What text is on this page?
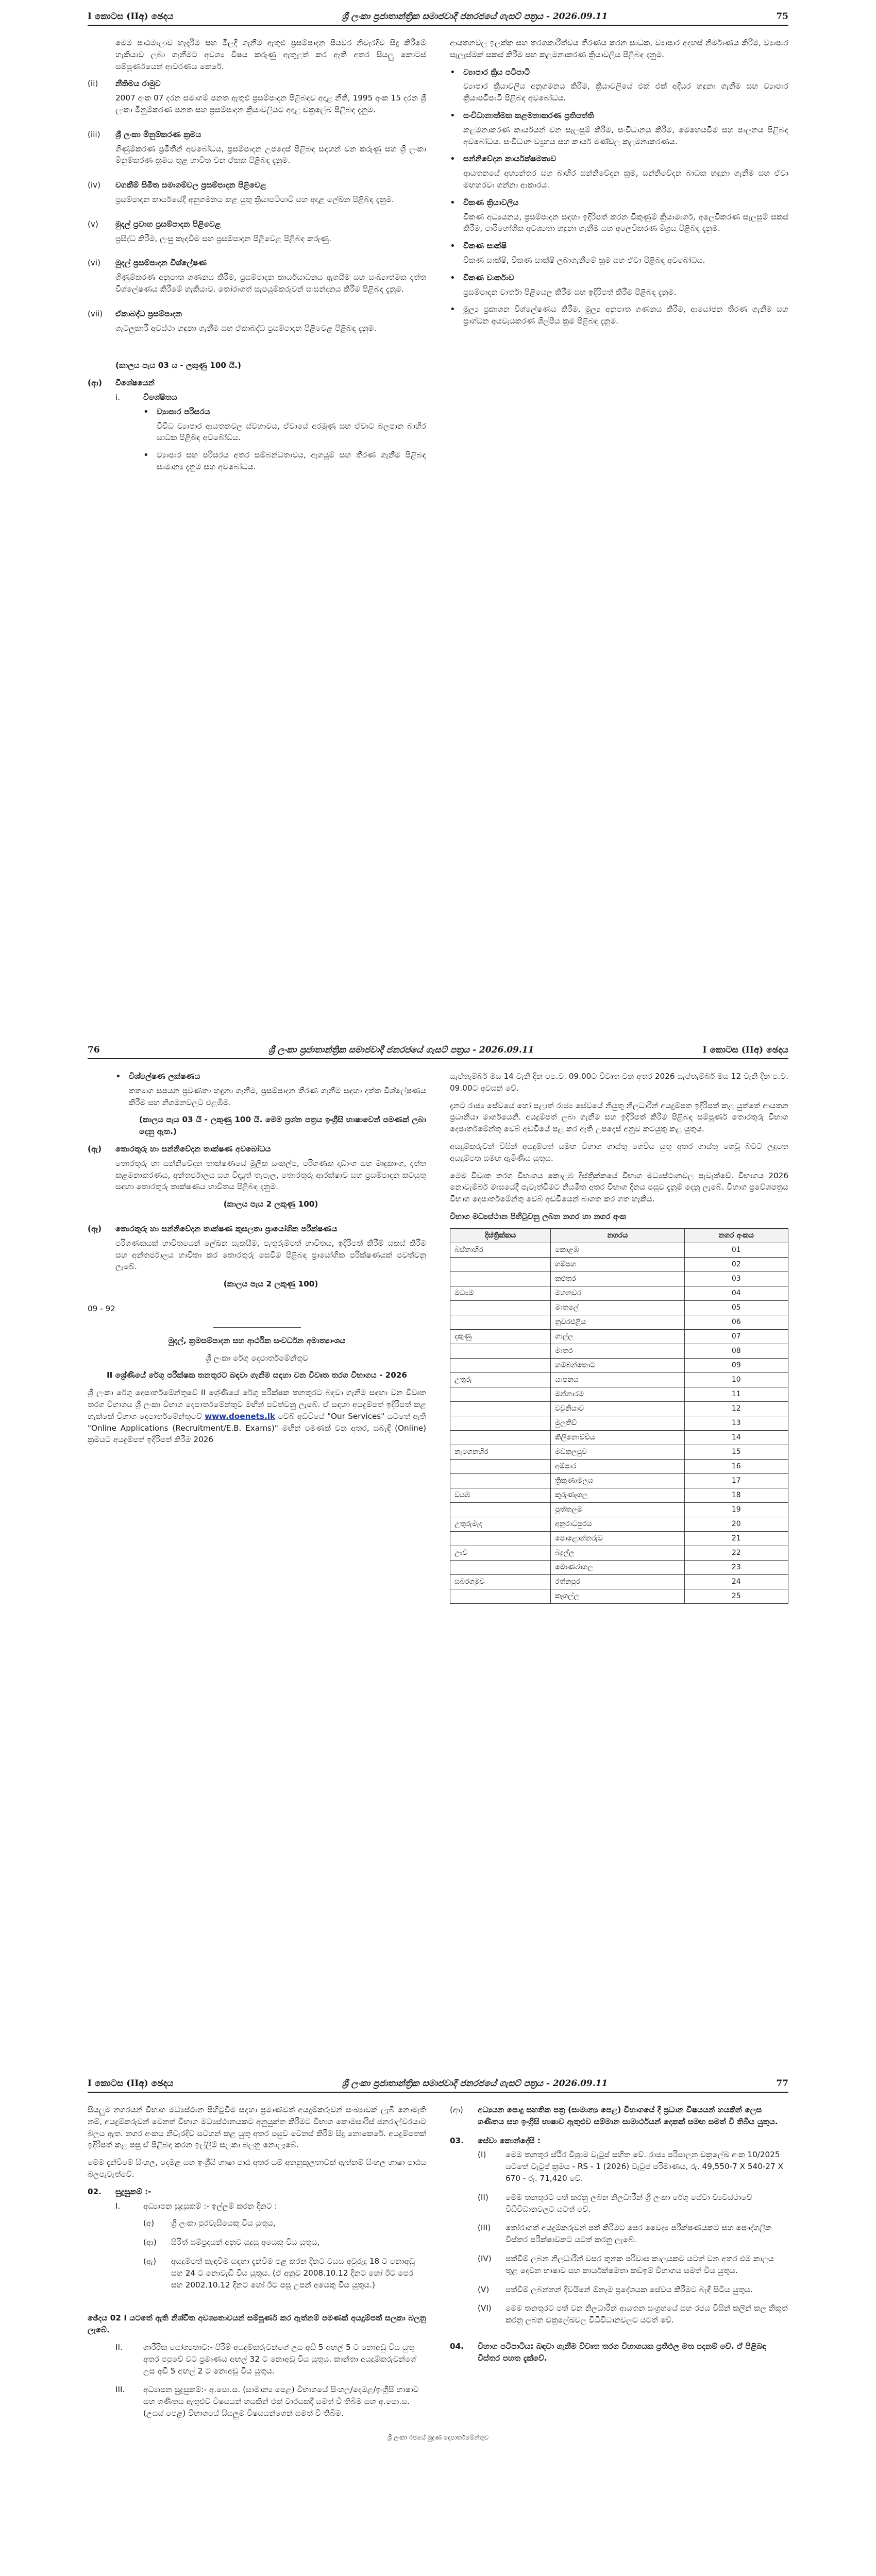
I කොටස (IIඅ) ඡෙදය	ශ්‍රී ලංකා ප්‍රජාතාන්ත්‍රික සමාජවාදී ජනරජයේ ගැසට් පත්‍රය - 2026.09.11	75

මෙම පාඨමාලාව හැදෑරීම සහ මිලදී ගැනීම ඇතුළු ප්‍රසම්පාදන පියවර නිවැරදිව සිදු කිරීමේ හැකියාව ලබා ගැනීමට අවශ්‍ය විෂය කරුණු ඇතුළත් කර ඇති අතර සියලු කොටස් සම්පූර්ණයෙන් ආවරණය කෙරේ.

(ii)	නීතිමය රාමුව

2007 අංක 07 දරන සමාගම් පනත ඇතුළු ප්‍රසම්පාදන පිළිබඳව අදාළ නීති, 1995 අංක 15 දරන ශ්‍රී ලංකා මිනුම්කරණ පනත සහ ප්‍රසම්පාදන ක්‍රියාවලියට අදාළ චක්‍රලේඛ පිළිබඳ දැනුම.

(iii)	ශ්‍රී ලංකා මිනුම්කරණ ක්‍රමය

ගිණුම්කරණ ප්‍රමිතීන් අවබෝධය, ප්‍රසම්පාදන උපදෙස් පිළිබඳ සඳහන් වන කරුණු සහ ශ්‍රී ලංකා මිනුම්කරණ ක්‍රමය තුළ භාවිත වන ඒකක පිළිබඳ දැනුම.

(iv)	වගකීම් සීමිත සමාගම්වල ප්‍රසම්පාදන පිළිවෙළ

ප්‍රසම්පාදන කාර්යයේදී අනුගමනය කළ යුතු ක්‍රියාපටිපාටි සහ අදාළ ලේඛන පිළිබඳ දැනුම.

(v)	මුදල් ප්‍රවාහ ප්‍රසම්පාදන පිළිවෙළ

ප්‍රසිද්ධ කිරීම, ලංසු කැඳවීම සහ ප්‍රසම්පාදන පිළිවෙළ පිළිබඳ කරුණු.

(vi)	මුදල් ප්‍රසම්පාදන විශ්ලේෂණ

ගිණුම්කරණ අනුපාත ගණනය කිරීම, ප්‍රසම්පාදන කාර්යසාධනය ඇගයීම සහ සංඛ්‍යාත්මක දත්ත විශ්ලේෂණය කිරීමේ හැකියාව. තෝරාගත් සැපයුම්කරුවන් සංසන්දනය කිරීම පිළිබඳ දැනුම.

(vii)	ඒකාබද්ධ ප්‍රසම්පාදන

ගැටලුකාරී අවස්ථා හඳුනා ගැනීම සහ ඒකාබද්ධ ප්‍රසම්පාදන පිළිවෙළ පිළිබඳ දැනුම.

(කාලය පැය 03 ය - ලකුණු 100 යි.)

(ආ)	විශේෂයෙන්
i.	විශේෂිතය
•	ව්‍යාපාර පරිසරය
විවිධ ව්‍යාපාර ආයතනවල ස්වභාවය, ඒවායේ අරමුණු සහ ඒවාට බලපාන බාහිර සාධක පිළිබඳ අවබෝධය.
•	ව්‍යාපාර සහ පරිසරය අතර සම්බන්ධතාවය, ඇගයුම් සහ තීරණ ගැනීම පිළිබඳ සාමාන්‍ය දැනුම සහ අවබෝධය.

ආයතනවල ඉලක්ක සහ තරගකාරීත්වය තීරණය කරන සාධක, ව්‍යාපාර අදහස් නිර්මාණය කිරීම, ව්‍යාපාර සැලැස්මක් සකස් කිරීම සහ කළමනාකරණ ක්‍රියාවලිය පිළිබඳ දැනුම.

•	ව්‍යාපාර ක්‍රිය පටිපාටි
ව්‍යාපාර ක්‍රියාවලිය අනුගමනය කිරීම, ක්‍රියාවලියේ එක් එක් අදියර හඳුනා ගැනීම සහ ව්‍යාපාර ක්‍රියාපටිපාටි පිළිබඳ අවබෝධය.
•	සංවිධානාත්මක කළමනාකරණ ප්‍රතිපත්ති
කළමනාකරණ කාර්යයන් වන සැලසුම් කිරීම, සංවිධානය කිරීම, මෙහෙයවීම සහ පාලනය පිළිබඳ අවබෝධය. සංවිධාන ව්‍යුහය සහ කාර්ය මණ්ඩල කළමනාකරණය.
•	සන්නිවේදන කාර්යක්ෂමතාව
ආයතනයේ අභ්‍යන්තර සහ බාහිර සන්නිවේදන ක්‍රම, සන්නිවේදන බාධක හඳුනා ගැනීම සහ ඒවා මඟහරවා ගන්නා ආකාරය.
•	විකණ ක්‍රියාවලිය
විකණ අධ්‍යයනය, ප්‍රසම්පාදන සඳහා ඉදිරිපත් කරන විකුණුම් ක්‍රියාමාර්ග, අලෙවිකරණ සැලසුම් සකස් කිරීම, පාරිභෝගික අවශ්‍යතා හඳුනා ගැනීම සහ අලෙවිකරණ මිශ්‍රය පිළිබඳ දැනුම.
•	විකණ සාක්ෂි
විකණ සාක්ෂි, විකණ සාක්ෂි ලබාගැනීමේ ක්‍රම සහ ඒවා පිළිබඳ අවබෝධය.
•	විකණ වාර්තාව
ප්‍රසම්පාදන වාර්තා පිළියෙල කිරීම සහ ඉදිරිපත් කිරීම පිළිබඳ දැනුම.
•	මූල්‍ය ප්‍රකාශන විශ්ලේෂණය කිරීම, මූල්‍ය අනුපාත ගණනය කිරීම, ආයෝජන තීරණ ගැනීම සහ ප්‍රාග්ධන අයවැයකරණ ශිල්පීය ක්‍රම පිළිබඳ දැනුම.
76	ශ්‍රී ලංකා ප්‍රජාතාන්ත්‍රික සමාජවාදී ජනරජයේ ගැසට් පත්‍රය - 2026.09.11	I කොටස (IIඅ) ඡෙදය
•	විශ්ලේෂණ ලක්ෂණය
තත්‍යාග සපයන ප්‍රවණතා හඳුනා ගැනීම, ප්‍රසම්පාදන තීරණ ගැනීම සඳහා දත්ත විශ්ලේෂණය කිරීම සහ නිගමනවලට එළඹීම.

(කාලය පැය 03 යි - ලකුණු 100 යි. මෙම ප්‍රශ්න පත්‍රය ඉංග්‍රීසි භාෂාවෙන් පමණක් ලබා දෙනු ඇත.)

(ඇ)	තොරතුරු හා සන්නිවේදන තාක්ෂණ අවබෝධය

තොරතුරු හා සන්නිවේදන තාක්ෂණයේ මූලික සංකල්ප, පරිගණක දෘඩාංග සහ මෘදුකාංග, දත්ත කළමනාකරණය, අන්තර්ජාලය සහ විද්‍යුත් තැපෑල, තොරතුරු ආරක්ෂාව සහ ප්‍රසම්පාදන කටයුතු සඳහා තොරතුරු තාක්ෂණය භාවිතය පිළිබඳ දැනුම.

(කාලය පැය 2 ලකුණු 100)

(ඈ)	තොරතුරු හා සන්නිවේදන තාක්ෂණ කුසලතා ප්‍රායෝගික පරීක්ෂණය

පරිගණකයක් භාවිතයෙන් ලේඛන සැකසීම, පැතුරුම්පත් භාවිතය, ඉදිරිපත් කිරීම් සකස් කිරීම සහ අන්තර්ජාලය භාවිතා කර තොරතුරු සෙවීම පිළිබඳ ප්‍රායෝගික පරීක්ෂණයක් පවත්වනු ලැබේ.

(කාලය පැය 2 ලකුණු 100)

09 - 92

මුදල්, ක්‍රමසම්පාදන සහ ආර්ථික සංවර්ධන අමාත්‍යාංශය

ශ්‍රී ලංකා රේගු දෙපාර්තමේන්තුව

II ශ්‍රේණියේ රේගු පරීක්ෂක තනතුරට බඳවා ගැනීම සඳහා වන විවෘත තරග විභාගය - 2026

ශ්‍රී ලංකා රේගු දෙපාර්තමේන්තුවේ II ශ්‍රේණියේ රේගු පරීක්ෂක තනතුරට බඳවා ගැනීම සඳහා වන විවෘත තරග විභාගය ශ්‍රී ලංකා විභාග දෙපාර්තමේන්තුව මඟින් පවත්වනු ලැබේ. ඒ සඳහා අයදුම්පත් ඉදිරිපත් කළ හැක්කේ විභාග දෙපාර්තමේන්තුවේ www.doenets.lk වෙබ් අඩවියේ "Our Services" යටතේ ඇති "Online Applications (Recruitment/E.B. Exams)" මඟින් පමණක් වන අතර, සබැඳි (Online) ක්‍රමයට අයදුම්පත් ඉදිරිපත් කිරීම 2026

සැප්තැම්බර් මස 14 වැනි දින පෙ.ව. 09.00ට විවෘත වන අතර 2026 සැප්තැම්බර් මස 12 වැනි දින ප.ව. 09.00ට අවසන් වේ.

දැනට රාජ්‍ය සේවයේ හෝ පළාත් රාජ්‍ය සේවයේ නියුතු නිලධාරීන් අයදුම්පත ඉදිරිපත් කළ යුත්තේ ආයතන ප්‍රධානියා මාර්ගයෙනි. අයදුම්පත් ලබා ගැනීම සහ ඉදිරිපත් කිරීම පිළිබඳ සම්පූර්ණ තොරතුරු විභාග දෙපාර්තමේන්තු වෙබ් අඩවියේ පළ කර ඇති උපදෙස් අනුව කටයුතු කළ යුතුය.

අයදුම්කරුවන් විසින් අයදුම්පත් සමඟ විභාග ගාස්තු ගෙවිය යුතු අතර ගාස්තු ගෙවූ බවට ලදුපත අයදුම්පත සමඟ ඇමිණිය යුතුය.

මෙම විවෘත තරග විභාගය කොළඹ දිස්ත්‍රික්කයේ විභාග මධ්‍යස්ථානවල පැවැත්වේ. විභාගය 2026 නොවැම්බර් මාසයේදී පැවැත්වීමට නියමිත අතර විභාග දිනය පසුව දැනුම් දෙනු ලැබේ. විභාග ප්‍රවේශපත්‍රය විභාග දෙපාර්තමේන්තු වෙබ් අඩවියෙන් බාගත කර ගත හැකිය.

විභාග මධ්‍යස්ථාන පිහිටුවනු ලබන නගර හා නගර අංක

දිස්ත්‍රික්කය	නගරය	නගර අංකය
බස්නාහිර	කොළඹ	01
	ගම්පහ	02
	කළුතර	03
මධ්‍යම	මහනුවර	04
	මාතලේ	05
	නුවරඑළිය	06
දකුණු	ගාල්ල	07
	මාතර	08
	හම්බන්තොට	09
උතුරු	යාපනය	10
	මන්නාරම	11
	වවුනියාව	12
	මුලතිව්	13
	කිලිනොච්චිය	14
නැගෙනහිර	මඩකලපුව	15
	අම්පාර	16
	ත්‍රිකුණාමලය	17
වයඹ	කුරුණෑගල	18
	පුත්තලම	19
උතුරුමැද	අනුරාධපුරය	20
	පොළොන්නරුව	21
ඌව	බදුල්ල	22
	මොණරාගල	23
සබරගමුව	රත්නපුර	24
	කෑගල්ල	25
I කොටස (IIඅ) ඡෙදය	ශ්‍රී ලංකා ප්‍රජාතාන්ත්‍රික සමාජවාදී ජනරජයේ ගැසට් පත්‍රය - 2026.09.11	77

සියලුම නගරයන් විභාග මධ්‍යස්ථාන පිහිටුවීම සඳහා ප්‍රමාණවත් අයදුම්කරුවන් සංඛ්‍යාවක් ලැබී නොමැති නම්, අයදුම්කරුවන් වෙනත් විභාග මධ්‍යස්ථානයකට අනුයුක්ත කිරීමට විභාග කොමසාරිස් ජනරාල්වරයාට බලය ඇත. නගර අංකය නිවැරදිව සටහන් කළ යුතු අතර පසුව වෙනස් කිරීම් සිදු නොකෙරේ. අයදුම්පතක් ඉදිරිපත් කළ පසු ඒ පිළිබඳ කරන ඉල්ලීම් සලකා බලනු නොලැබේ.

මෙම දැන්වීමේ සිංහල, දෙමළ සහ ඉංග්‍රීසි භාෂා පාඨ අතර යම් අනනුකූලතාවක් ඇත්නම් සිංහල භාෂා පාඨය බලපැවැත්වේ.

02.	සුදුසුකම් :-
I.	අධ්‍යාපන සුදුසුකම් :- ඉල්ලුම් කරන දිනට :

(අ)	ශ්‍රී ලංකා පුරවැසියෙකු විය යුතුය,
(ආ)	සිරිත් සම්ප්‍රදායන් අනුව සුදුසු අයෙකු විය යුතුය,
(ඇ)	අයදුම්පත් කැඳවීම සඳහා දැන්වීම පළ කරන දිනට වයස අවුරුදු 18 ට නොඅඩු සහ 24 ට නොවැඩි විය යුතුය. (ඒ අනුව 2008.10.12 දිනට හෝ ඊට පෙර සහ 2002.10.12 දිනට හෝ ඊට පසු උපන් අයෙකු විය යුතුය.)

ඡේදය 02 I යටතේ ඇති නිශ්චිත අවශ්‍යතාවයන් සම්පූර්ණ කර ඇත්නම් පමණක් අයදුම්පත් සලකා බලනු ලැබේ.

II.	ශාරීරික යෝග්‍යතාව:- පිරිමි අයදුම්කරුවන්ගේ උස අඩි 5 අඟල් 5 ට නොඅඩු විය යුතු අතර පපුවේ වට ප්‍රමාණය අඟල් 32 ට නොඅඩු විය යුතුය. කාන්තා අයදුම්කරුවන්ගේ උස අඩි 5 අඟල් 2 ට නොඅඩු විය යුතුය.
III.	අධ්‍යාපන සුදුසුකම්:- අ.පො.ස. (සාමාන්‍ය පෙළ) විභාගයේ සිංහල/දෙමළ/ඉංග්‍රීසි භාෂාව සහ ගණිතය ඇතුළුව විෂයයන් හයකින් එක් වාරයකදී සමත් වී තිබීම සහ අ.පො.ස. (උසස් පෙළ) විභාගයේ සියලුම විෂයයන්ගෙන් සමත් වී තිබීම.
(ආ)	අධ්‍යයන පොදු සහතික පත්‍ර (සාමාන්‍ය පෙළ) විභාගයේ දී ප්‍රධාන විෂයයන් හයකින් ලෙස ගණිතය සහ ඉංග්‍රීසි භාෂාව ඇතුළුව සම්මාන සාමාර්ථයන් දෙකක් සමඟ සමත් වී තිබිය යුතුය.
03.	සේවා කොන්දේසි :
(I)	මෙම තනතුර ස්ථිර විශ්‍රාම වැටුප් සහිත වේ. රාජ්‍ය පරිපාලන චක්‍රලේඛ අංක 10/2025 යටතේ වැටුප් ක්‍රමය - RS - 1 (2026) වැටුප් පරිමාණය, රු. 49,550-7 X 540-27 X 670 - රු. 71,420 වේ.
(II)	මෙම තනතුරට පත් කරනු ලබන නිලධාරීන් ශ්‍රී ලංකා රේගු සේවා ව්‍යවස්ථාවේ විධිවිධානවලට යටත් වේ.
(III)	තෝරාගත් අයදුම්කරුවන් පත් කිරීමට පෙර වෛද්‍ය පරීක්ෂණයකට සහ පෞද්ගලික විස්තර පරීක්ෂාවකට යටත් කරනු ලැබේ.
(IV)	පත්වීම් ලබන නිලධාරීන් වසර තුනක පරිවාස කාලයකට යටත් වන අතර එම කාලය තුළ දෙවන භාෂාව සහ කාර්යක්ෂමතා කඩඉම් විභාගය සමත් විය යුතුය.
(V)	පත්වීම් ලබන්නන් දිවයිනේ ඕනෑම ප්‍රදේශයක සේවය කිරීමට බැඳී සිටිය යුතුය.
(VI)	මෙම තනතුරට පත් වන නිලධාරීන් ආයතන සංග්‍රහයේ සහ රජය විසින් කලින් කල නිකුත් කරනු ලබන චක්‍රලේඛවල විධිවිධානවලට යටත් වේ.
04.	විභාග පටිපාටිය: බඳවා ගැනීම විවෘත තරග විභාගයක ප්‍රතිඵල මත පදනම් වේ. ඒ පිළිබඳ විස්තර පහත දැක්වේ.
ශ්‍රී ලංකා රජයේ මුද්‍රණ දෙපාර්තමේන්තුව
